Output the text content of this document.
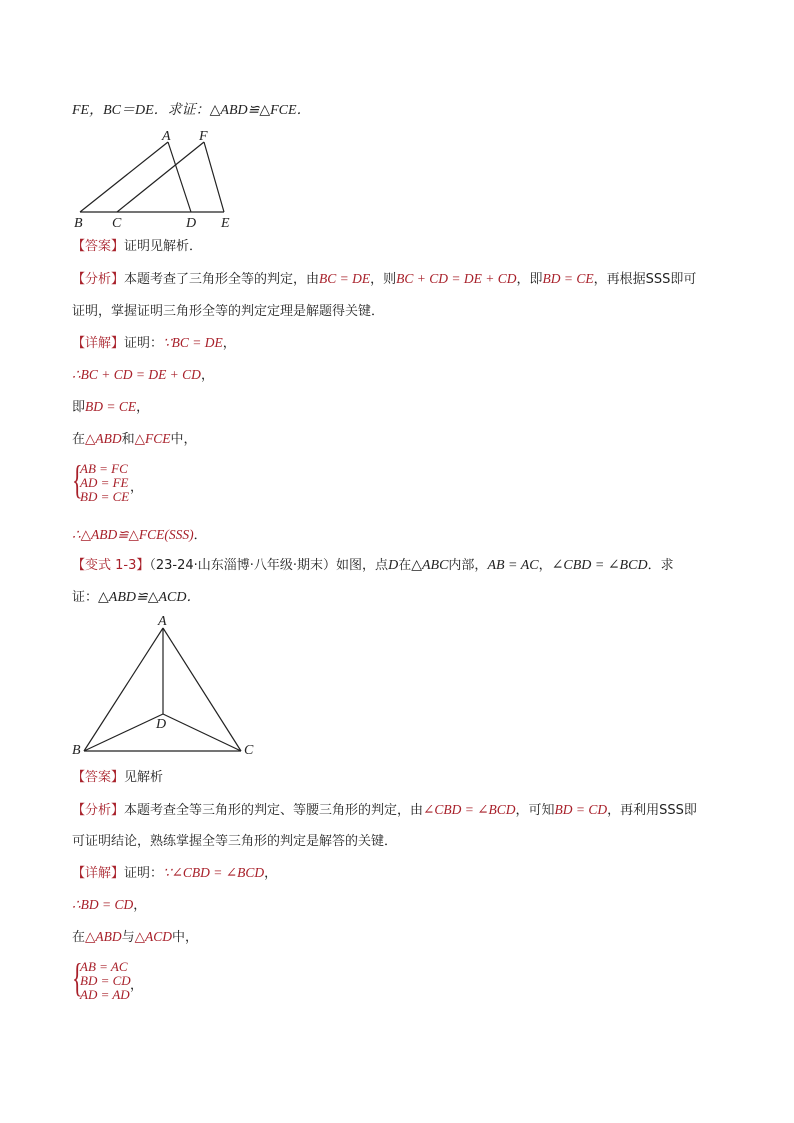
FE，BC＝DE．求证：△ABD≌△FCE．
A F
B C	D E
【答案】证明见解析．
【分析】本题考查了三角形全等的判定，由BC = DE，则BC + CD = DE + CD，即BD = CE，再根据SSS即可
证明，掌握证明三角形全等的判定定理是解题得关键．
【详解】证明：∵BC = DE，
∴BC + CD = DE + CD，
即BD = CE，
在△ABD和△FCE中，
{
AB = FC
AD = FE
BD = CE
，
∴△ABD≌△FCE(SSS)．
【变式 1-3】（23-24·山东淄博·八年级·期末）如图，点D在△ABC内部，AB = AC，∠CBD = ∠BCD．求
证：△ABD≌△ACD．
A
D
B	C
【答案】见解析
【分析】本题考查全等三角形的判定、等腰三角形的判定，由∠CBD = ∠BCD，可知BD = CD，再利用SSS即
可证明结论，熟练掌握全等三角形的判定是解答的关键．
【详解】证明：∵∠CBD = ∠BCD，
∴BD = CD，
在△ABD与△ACD中，
{
AB = AC
BD = CD
AD = AD
，
